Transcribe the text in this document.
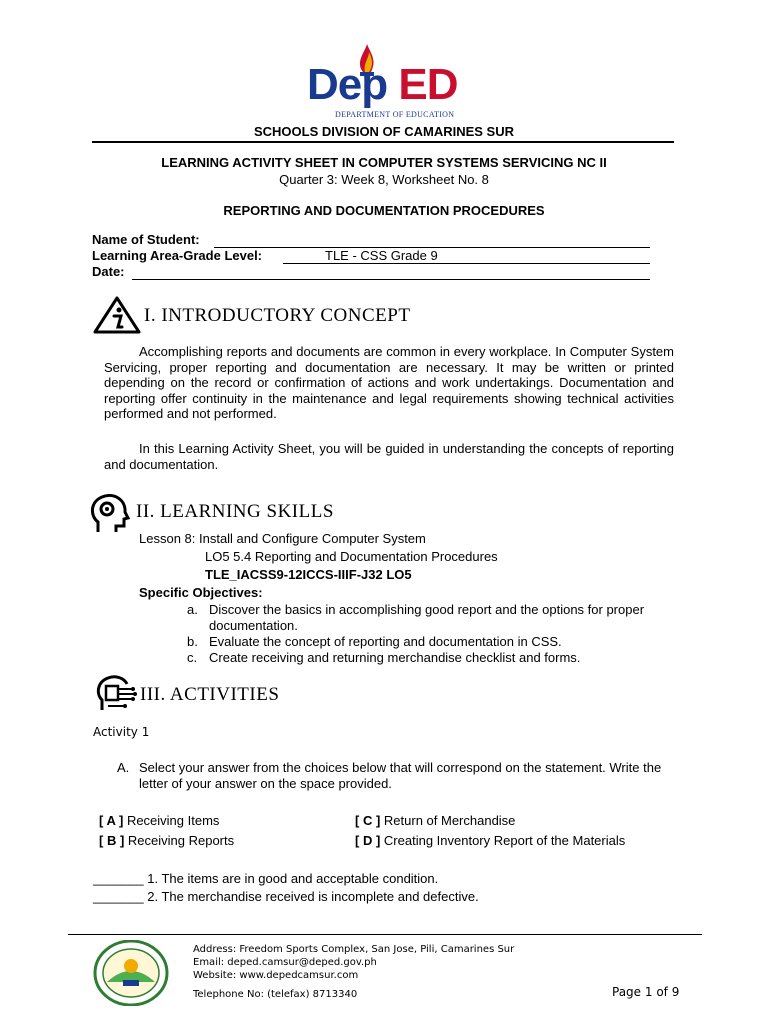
Dep ED
DEPARTMENT OF EDUCATION
SCHOOLS DIVISION OF CAMARINES SUR
LEARNING ACTIVITY SHEET IN COMPUTER SYSTEMS SERVICING NC II
Quarter 3: Week 8, Worksheet No. 8
REPORTING AND DOCUMENTATION PROCEDURES
Name of Student:
Learning Area-Grade Level:	TLE - CSS Grade 9
Date:
I. INTRODUCTORY CONCEPT
Accomplishing reports and documents are common in every workplace. In Computer System Servicing, proper reporting and documentation are necessary. It may be written or printed depending on the record or confirmation of actions and work undertakings. Documentation and reporting offer continuity in the maintenance and legal requirements showing technical activities performed and not performed.
In this Learning Activity Sheet, you will be guided in understanding the concepts of reporting and documentation.
II. LEARNING SKILLS
Lesson 8: Install and Configure Computer System
LO5 5.4 Reporting and Documentation Procedures
TLE_IACSS9-12ICCS-IIIF-J32 LO5
Specific Objectives:
a. Discover the basics in accomplishing good report and the options for proper documentation.
b. Evaluate the concept of reporting and documentation in CSS.
c. Create receiving and returning merchandise checklist and forms.
III. ACTIVITIES
Activity 1
A. Select your answer from the choices below that will correspond on the statement. Write the letter of your answer on the space provided.
[ A ] Receiving Items	[ C ] Return of Merchandise
[ B ] Receiving Reports	[ D ] Creating Inventory Report of the Materials
_______ 1. The items are in good and acceptable condition.
_______ 2. The merchandise received is incomplete and defective.
Address: Freedom Sports Complex, San Jose, Pili, Camarines Sur
Email: deped.camsur@deped.gov.ph
Website: www.depedcamsur.com
Telephone No: (telefax) 8713340	Page 1 of 9
